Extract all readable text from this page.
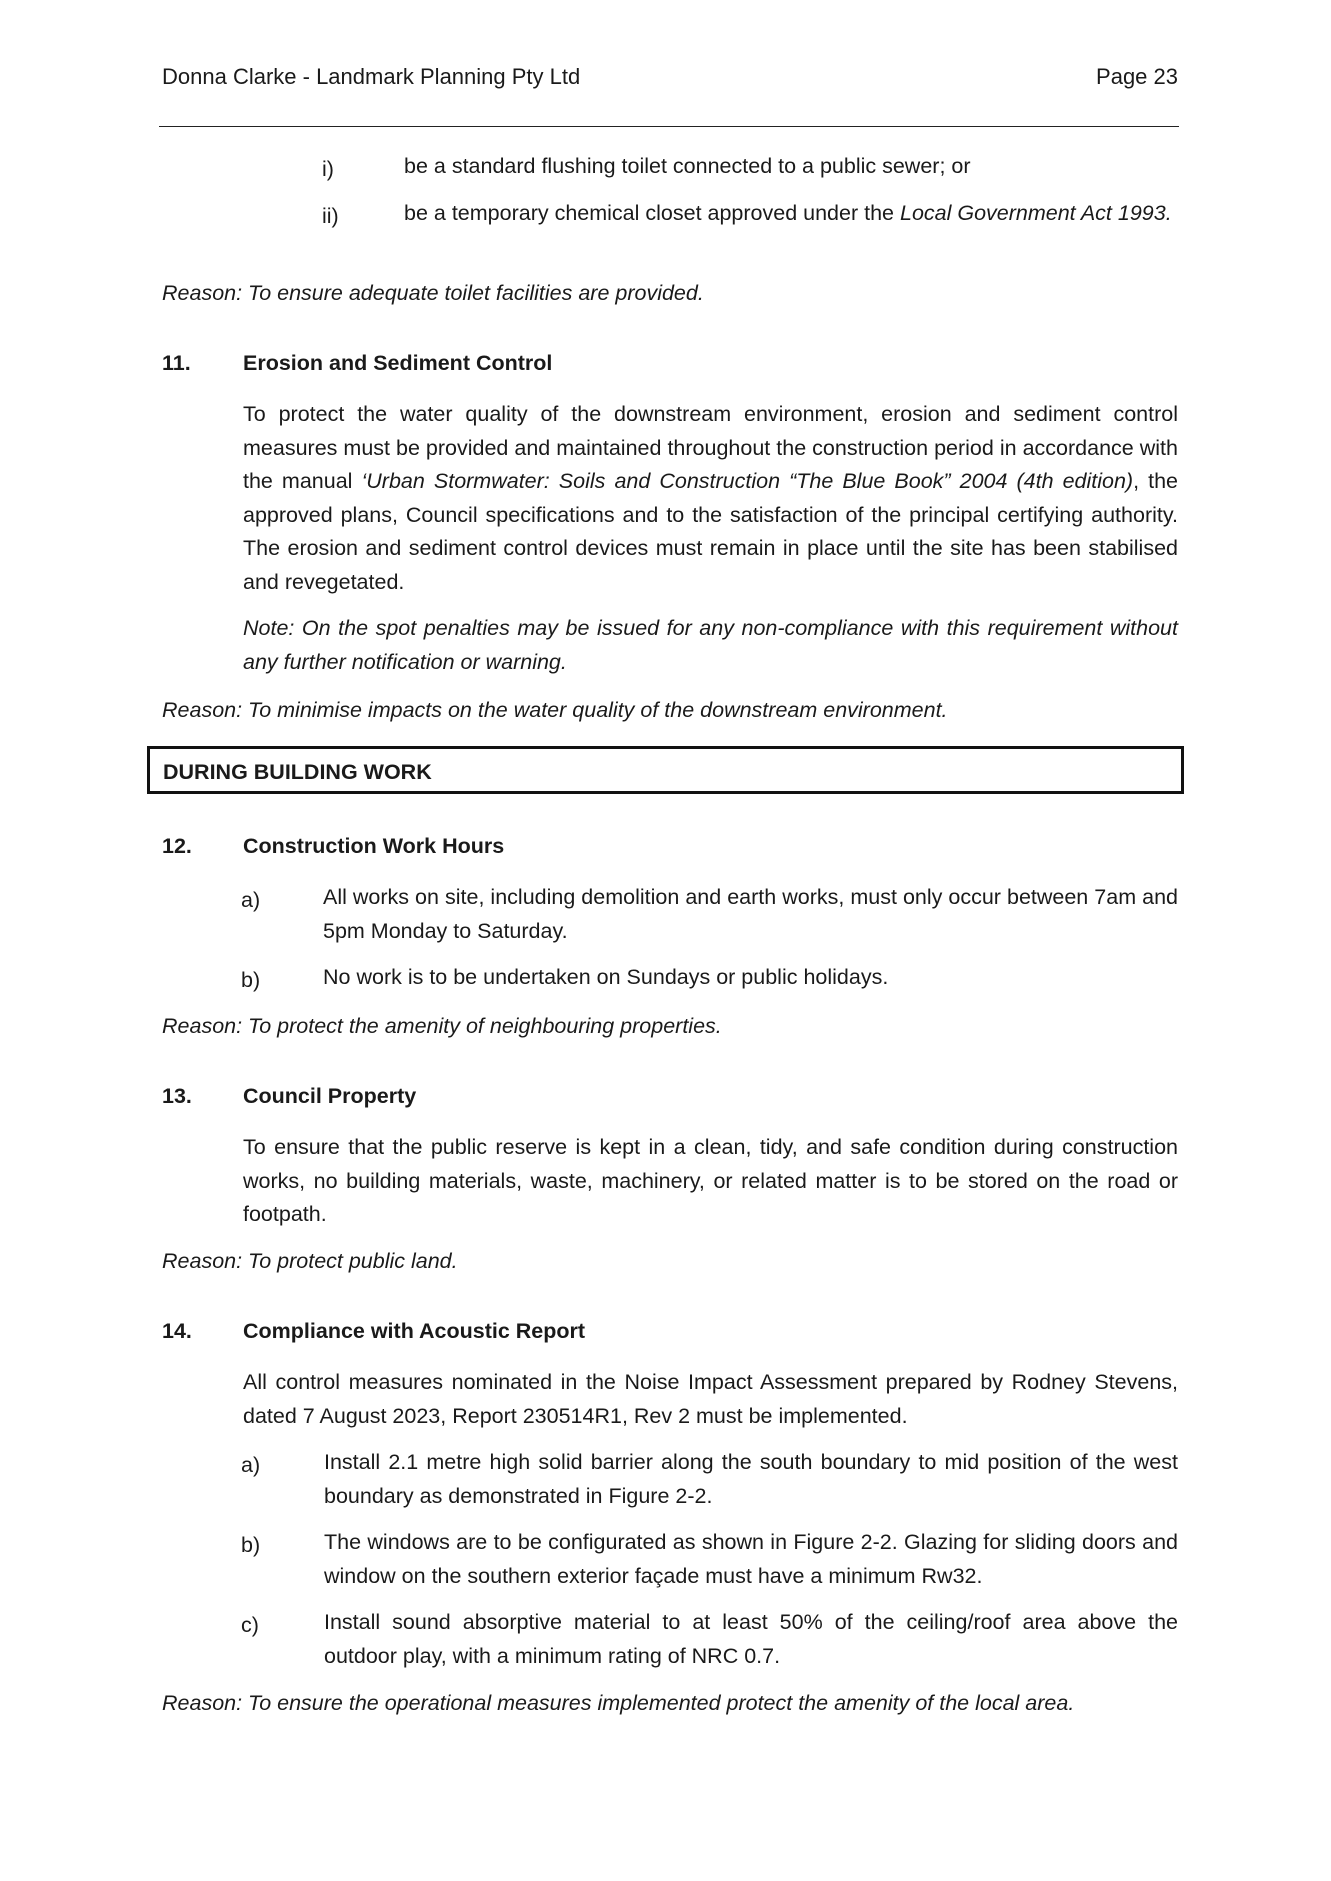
Donna Clarke - Landmark Planning Pty Ltd	Page 23
i)	be a standard flushing toilet connected to a public sewer; or
ii)	be a temporary chemical closet approved under the Local Government Act 1993.
Reason: To ensure adequate toilet facilities are provided.
11. Erosion and Sediment Control
To protect the water quality of the downstream environment, erosion and sediment control measures must be provided and maintained throughout the construction period in accordance with the manual ‘Urban Stormwater: Soils and Construction “The Blue Book” 2004 (4th edition), the approved plans, Council specifications and to the satisfaction of the principal certifying authority. The erosion and sediment control devices must remain in place until the site has been stabilised and revegetated.
Note: On the spot penalties may be issued for any non-compliance with this requirement without any further notification or warning.
Reason: To minimise impacts on the water quality of the downstream environment.
DURING BUILDING WORK
12. Construction Work Hours
a)	All works on site, including demolition and earth works, must only occur between 7am and 5pm Monday to Saturday.
b)	No work is to be undertaken on Sundays or public holidays.
Reason: To protect the amenity of neighbouring properties.
13. Council Property
To ensure that the public reserve is kept in a clean, tidy, and safe condition during construction works, no building materials, waste, machinery, or related matter is to be stored on the road or footpath.
Reason: To protect public land.
14. Compliance with Acoustic Report
All control measures nominated in the Noise Impact Assessment prepared by Rodney Stevens, dated 7 August 2023, Report 230514R1, Rev 2 must be implemented.
a)	Install 2.1 metre high solid barrier along the south boundary to mid position of the west boundary as demonstrated in Figure 2-2.
b)	The windows are to be configurated as shown in Figure 2-2. Glazing for sliding doors and window on the southern exterior façade must have a minimum Rw32.
c)	Install sound absorptive material to at least 50% of the ceiling/roof area above the outdoor play, with a minimum rating of NRC 0.7.
Reason: To ensure the operational measures implemented protect the amenity of the local area.
